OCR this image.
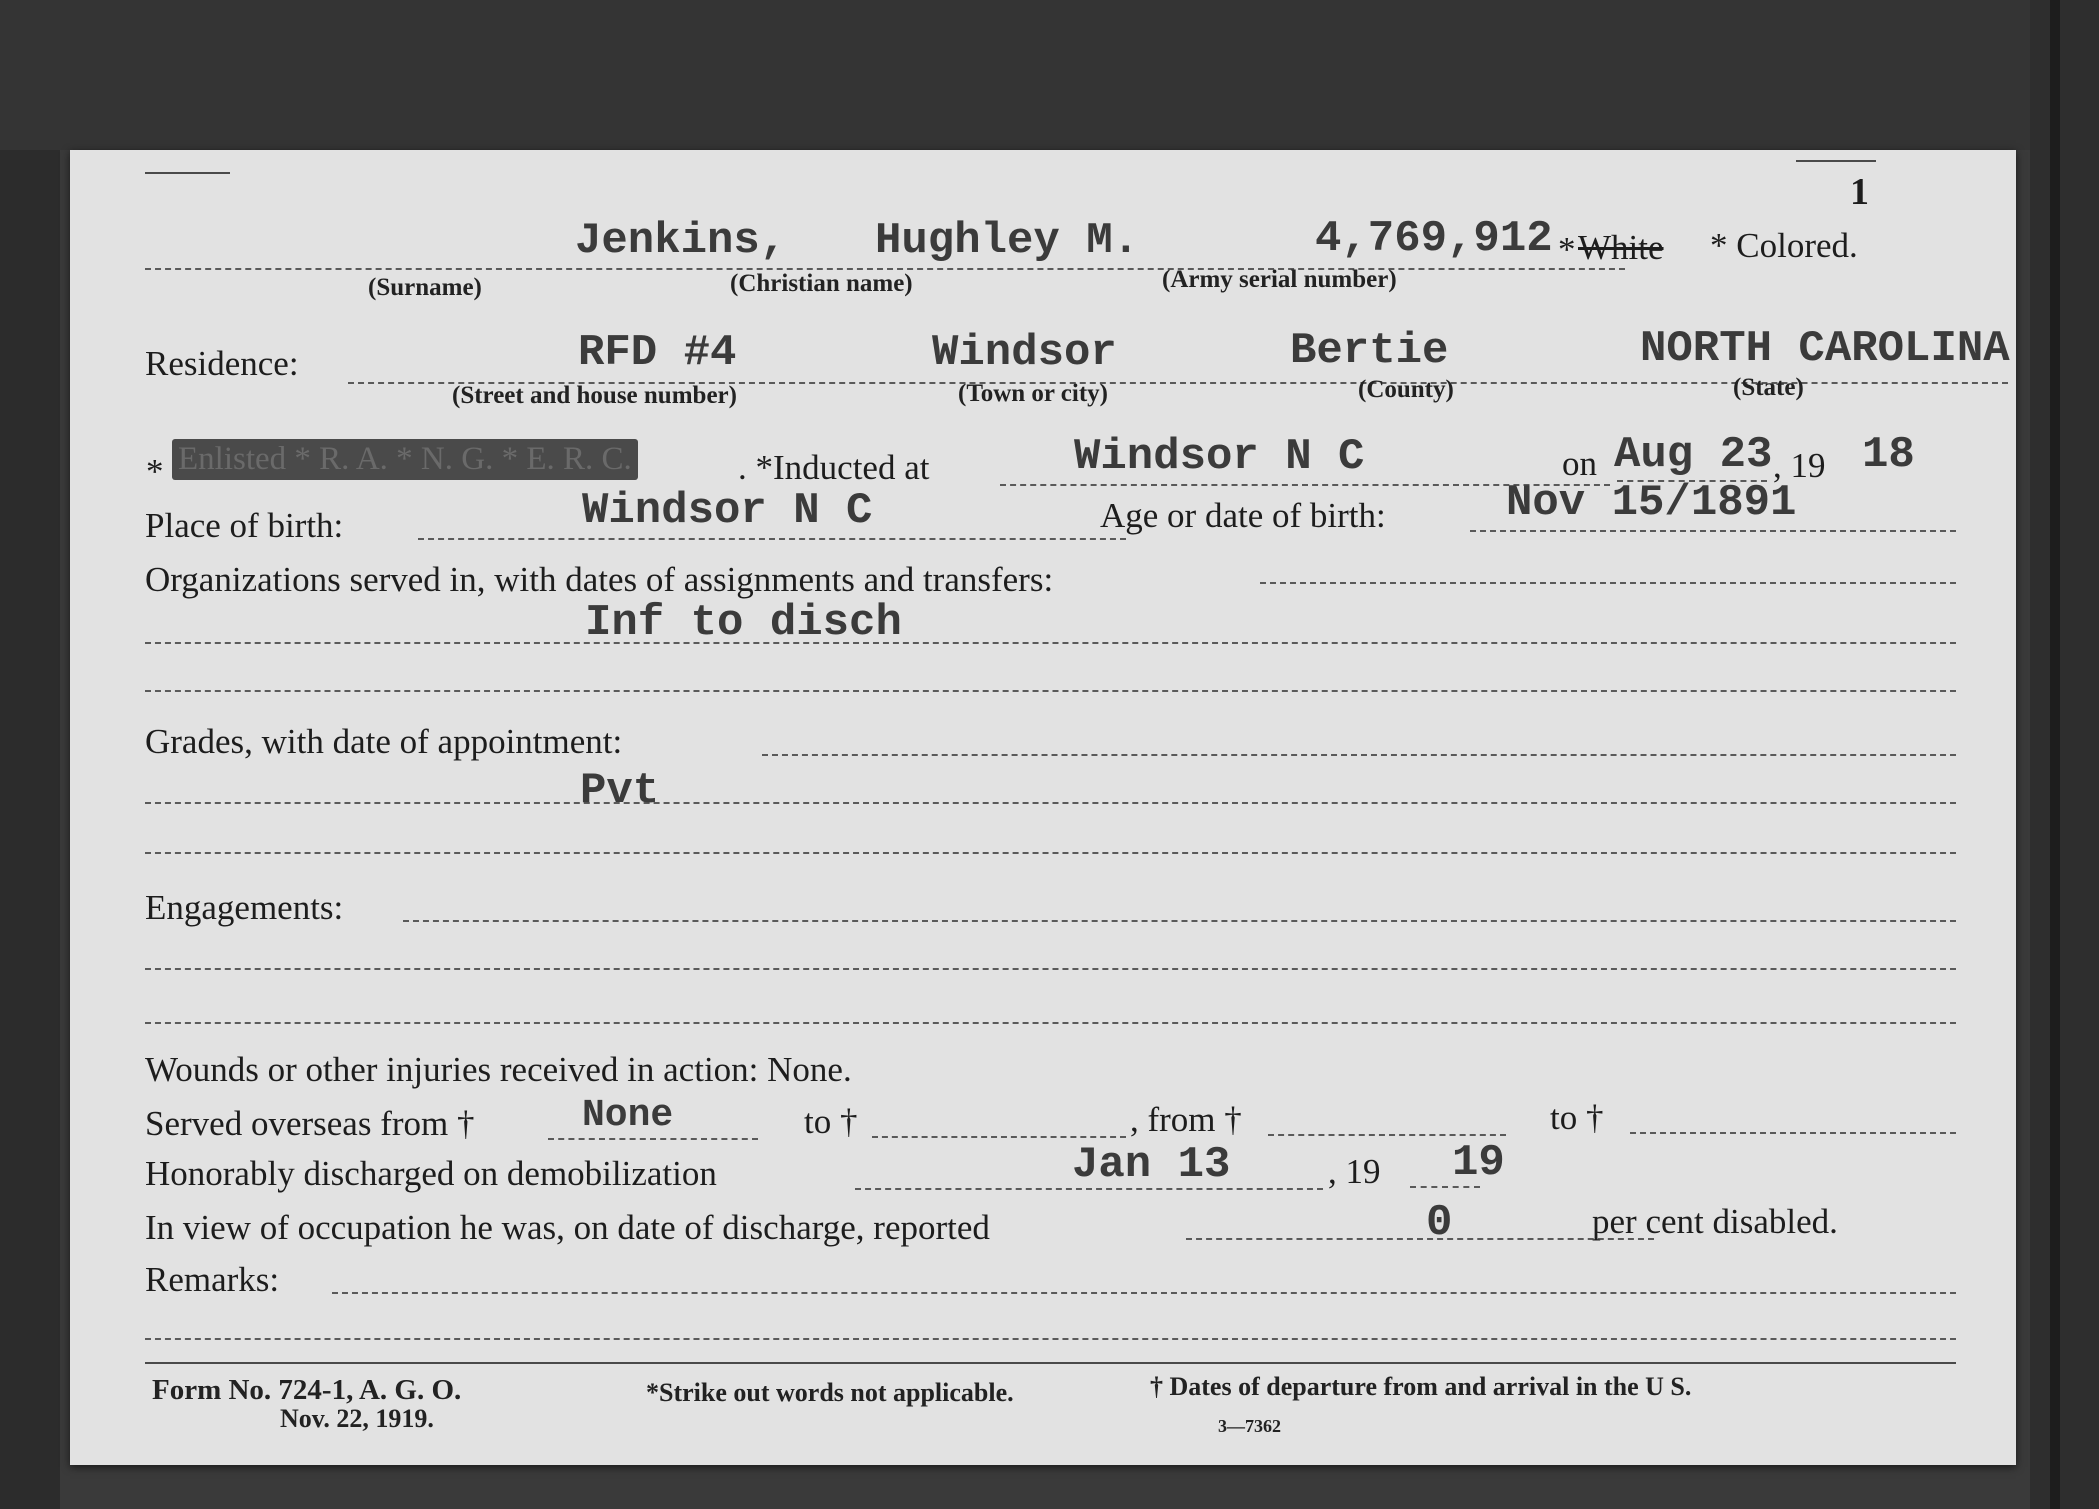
1
Jenkins, Hughley M.	4,769,912 * White * Colored.
(Surname)	(Christian name)	(Army serial number)
Residence:	RFD #4	Windsor	Bertie	NORTH CAROLINA
(Street and house number)	(Town or city)	(County)	(State)
* Enlisted * R. A. * N. G. * E. R. C.	. *Inducted at	Windsor N C	on Aug 23 , 19 18
Place of birth:	Windsor N C	Age or date of birth:	Nov 15/1891
Organizations served in, with dates of assignments and transfers:
Inf to disch
Grades, with date of appointment:
Pvt
Engagements:
Wounds or other injuries received in action: None.
Served overseas from †	None	to †	, from †	to †
Honorably discharged on demobilization	Jan 13	, 19 19
In view of occupation he was, on date of discharge, reported	0	per cent disabled.
Remarks:
Form No. 724-1, A. G. O.
Nov. 22, 1919.
*Strike out words not applicable.	† Dates of departure from and arrival in the U S.
3—7362
